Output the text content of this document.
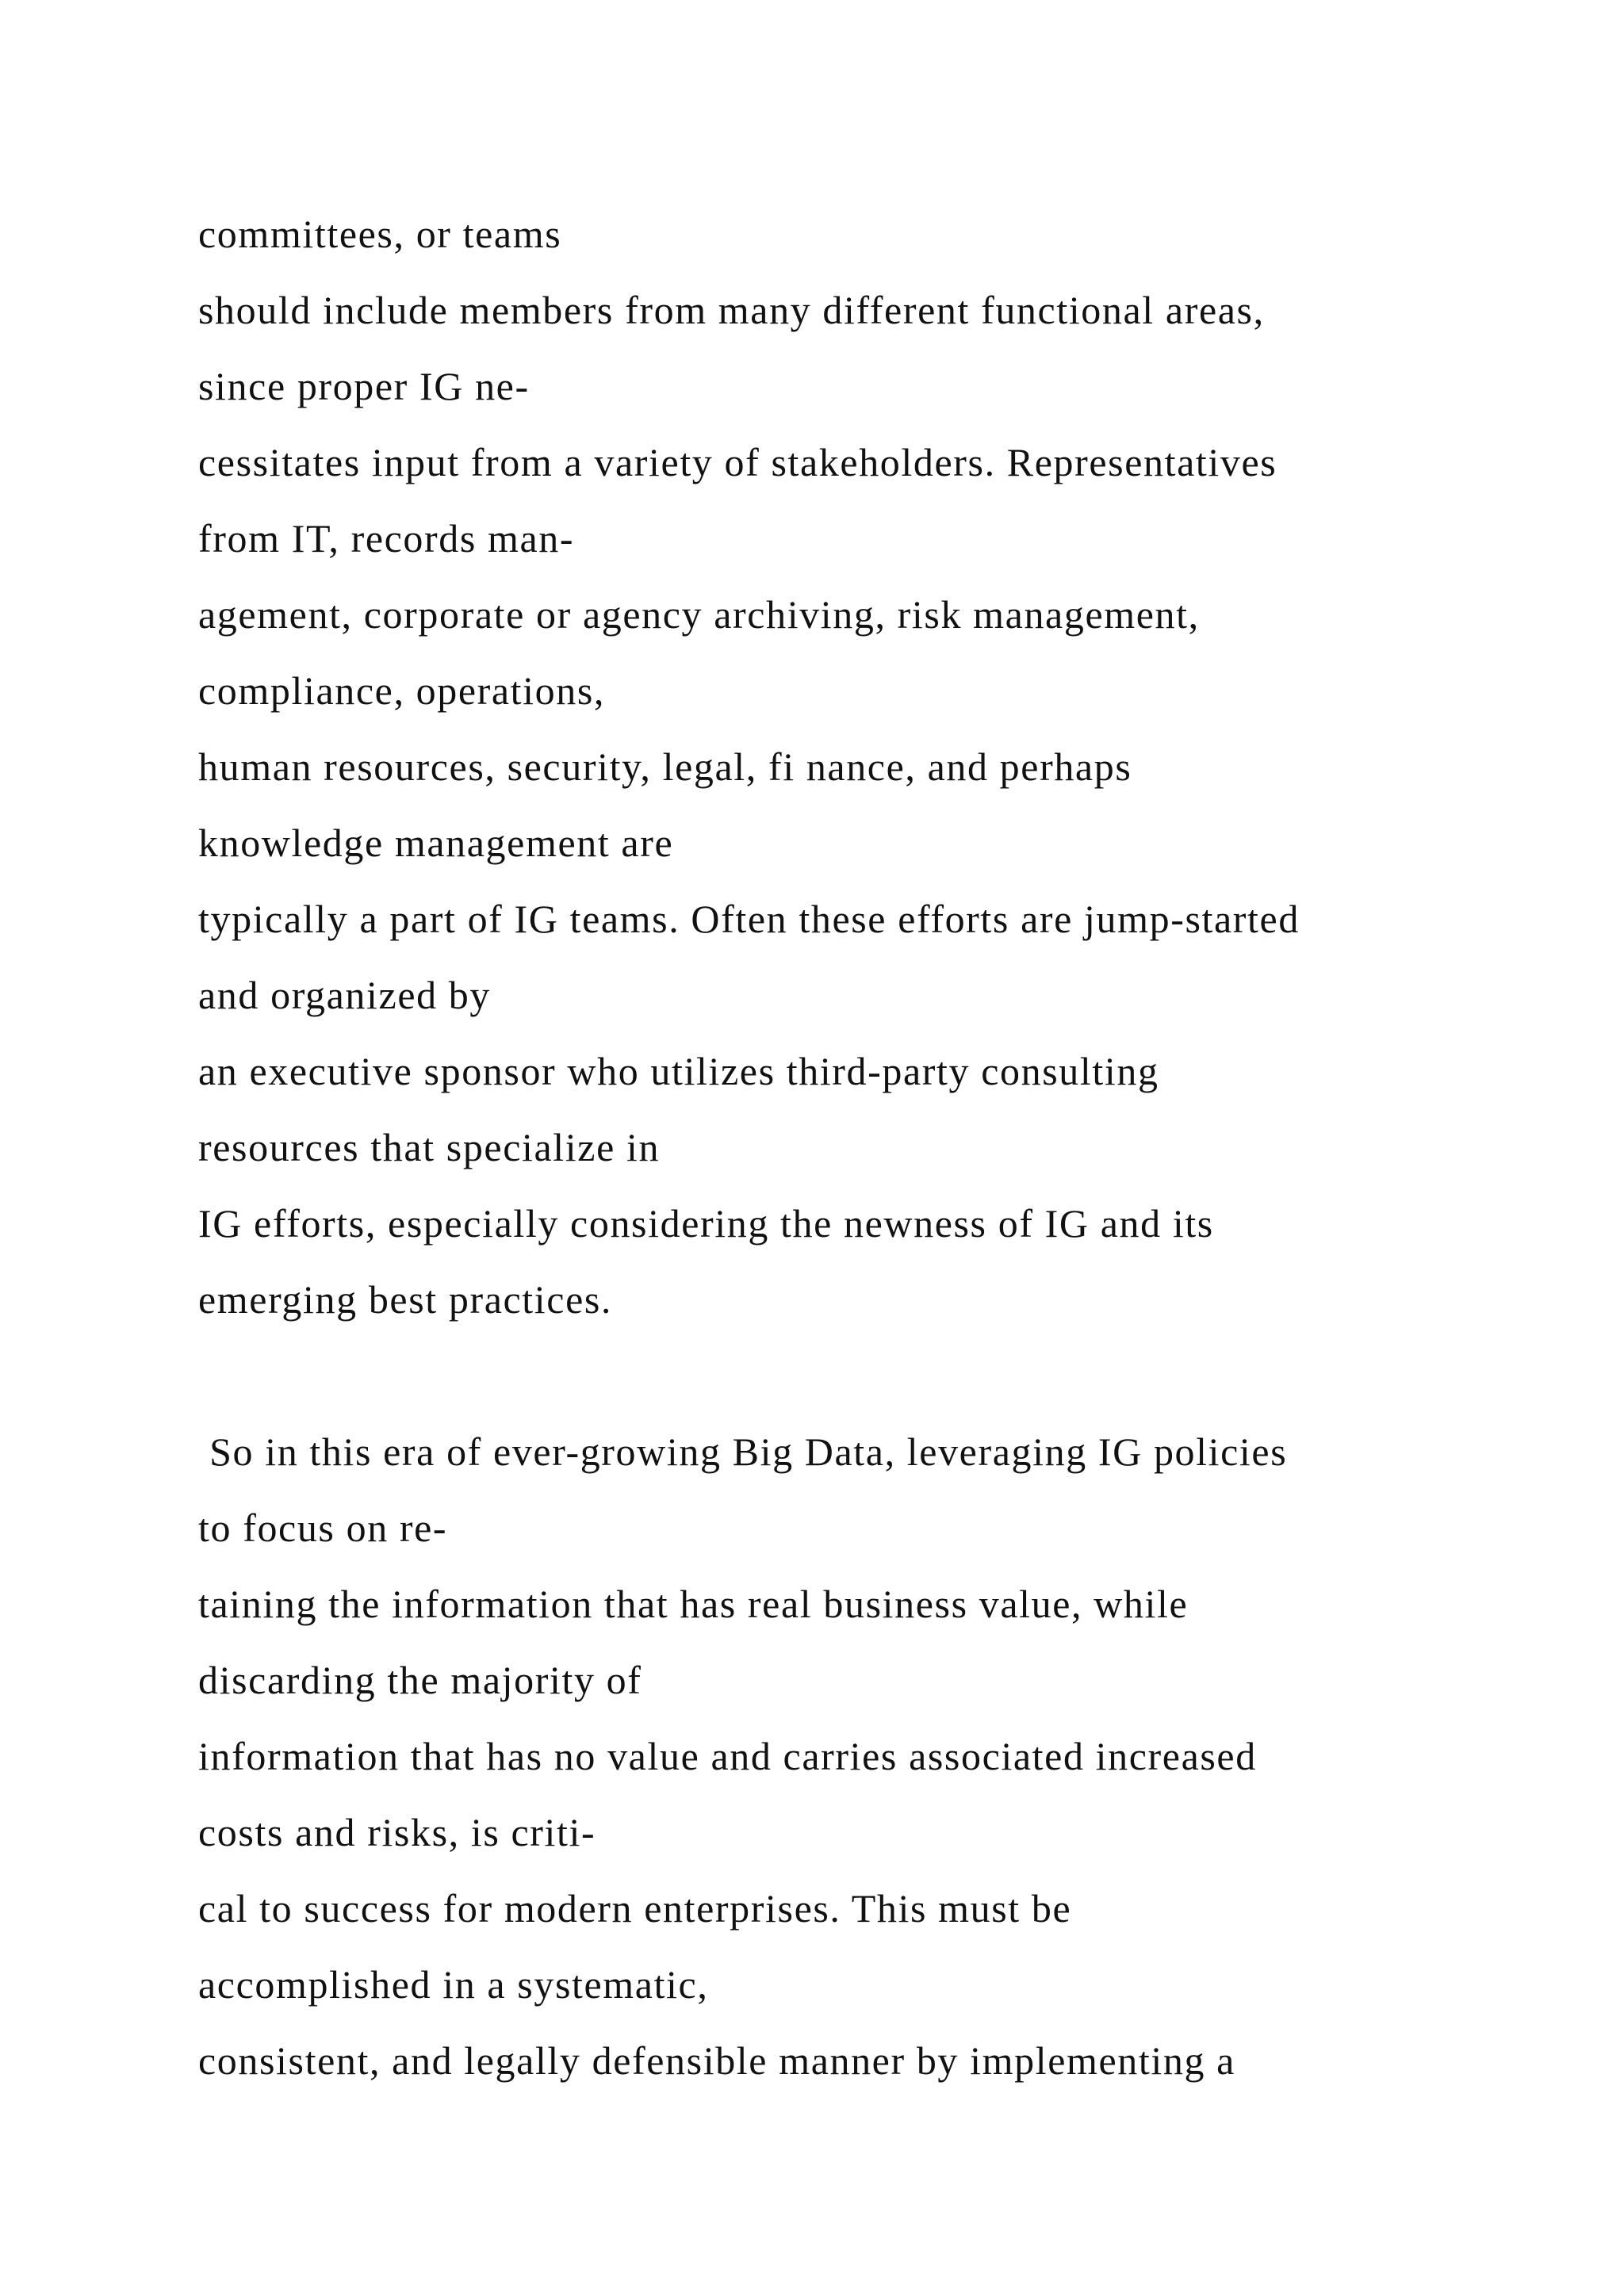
committees, or teams
should include members from many different functional areas,
since proper IG ne-
cessitates input from a variety of stakeholders. Representatives
from IT, records man-
agement, corporate or agency archiving, risk management,
compliance, operations,
human resources, security, legal, fi nance, and perhaps
knowledge management are
typically a part of IG teams. Often these efforts are jump-started
and organized by
an executive sponsor who utilizes third-party consulting
resources that specialize in
IG efforts, especially considering the newness of IG and its
emerging best practices.
So in this era of ever-growing Big Data, leveraging IG policies
to focus on re-
taining the information that has real business value, while
discarding the majority of
information that has no value and carries associated increased
costs and risks, is criti-
cal to success for modern enterprises. This must be
accomplished in a systematic,
consistent, and legally defensible manner by implementing a
